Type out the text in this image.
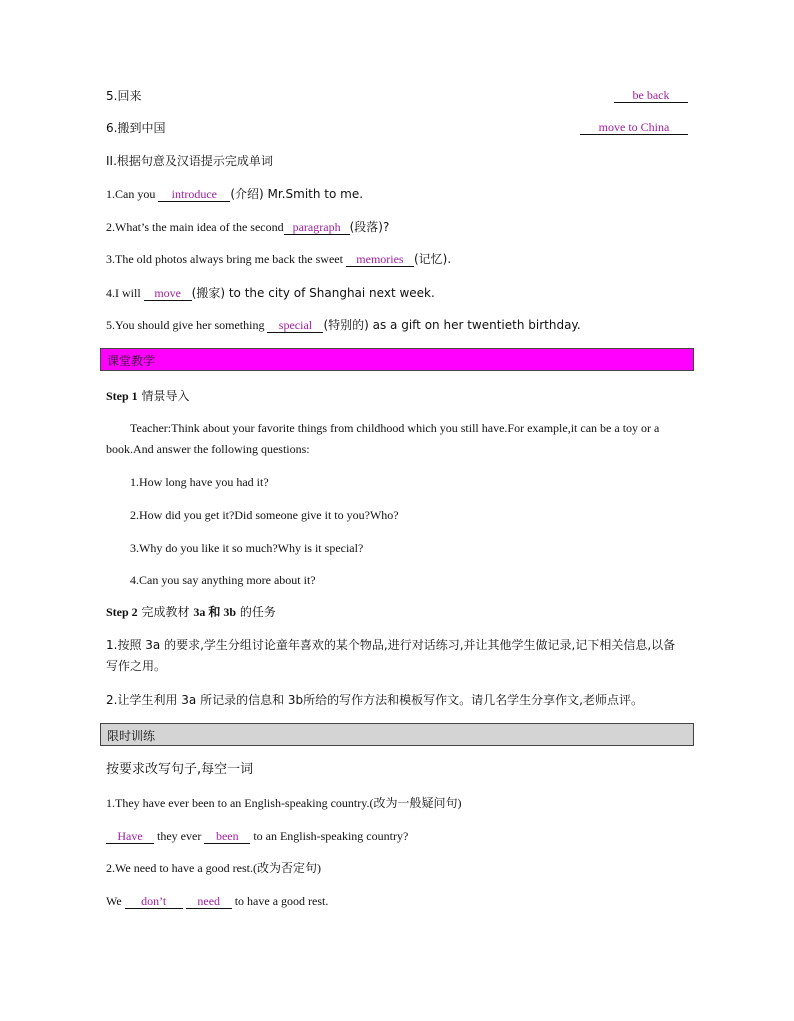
5.回来	be back
6.搬到中国	move to China
II.根据句意及汉语提示完成单词
1.Can you introduce (介绍) Mr.Smith to me.
2.What’s the main idea of the second paragraph (段落)?
3.The old photos always bring me back the sweet memories (记忆).
4.I will move (搬家) to the city of Shanghai next week.
5.You should give her something special (特别的) as a gift on her twentieth birthday.
课堂教学
Step 1 情景导入
Teacher:Think about your favorite things from childhood which you still have.For example,it can be a toy or a book.And answer the following questions:
1.How long have you had it?
2.How did you get it?Did someone give it to you?Who?
3.Why do you like it so much?Why is it special?
4.Can you say anything more about it?
Step 2 完成教材 3a 和 3b 的任务
1.按照 3a 的要求,学生分组讨论童年喜欢的某个物品,进行对话练习,并让其他学生做记录,记下相关信息,以备写作之用。
2.让学生利用 3a 所记录的信息和 3b所给的写作方法和模板写作文。请几名学生分享作文,老师点评。
限时训练
按要求改写句子,每空一词
1.They have ever been to an English-speaking country.(改为一般疑问句)
Have they ever been to an English-speaking country?
2.We need to have a good rest.(改为否定句)
We don’t	need to have a good rest.
